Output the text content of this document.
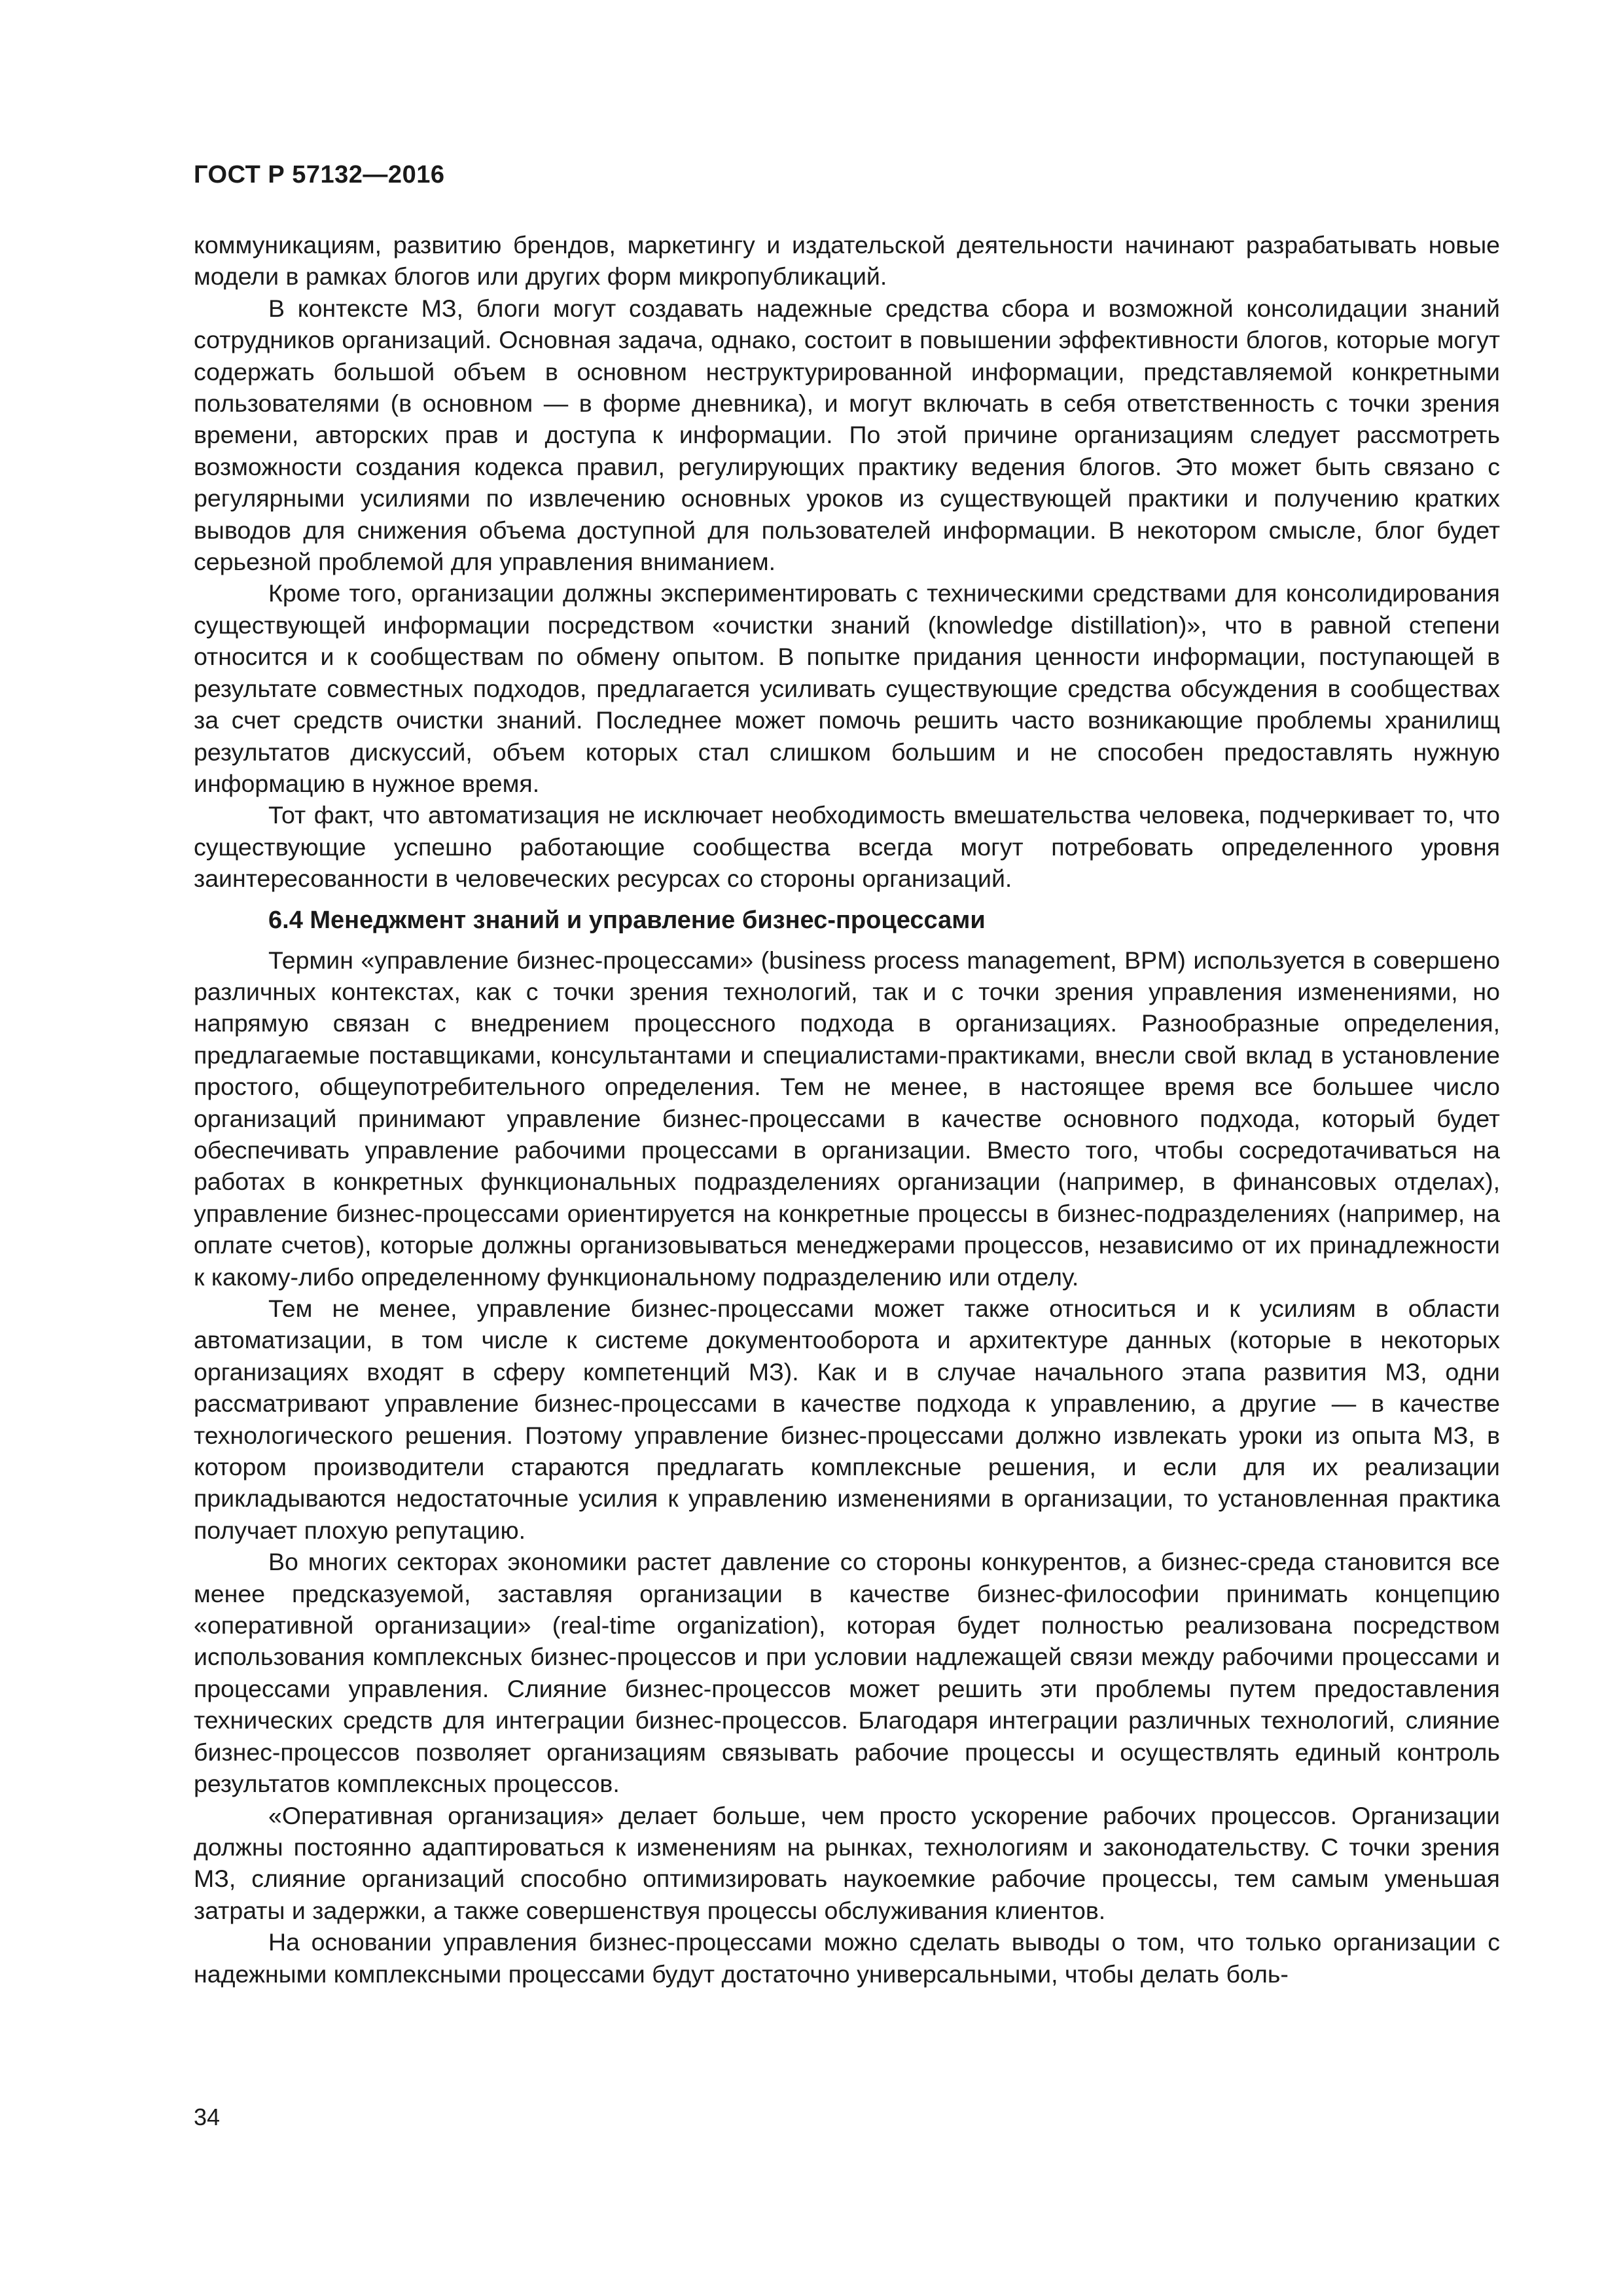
ГОСТ Р 57132—2016

коммуникациям, развитию брендов, маркетингу и издательской деятельности начинают разрабатывать новые модели в рамках блогов или других форм микропубликаций.

В контексте МЗ, блоги могут создавать надежные средства сбора и возможной консолидации знаний сотрудников организаций. Основная задача, однако, состоит в повышении эффективности блогов, которые могут содержать большой объем в основном неструктурированной информации, представляемой конкретными пользователями (в основном — в форме дневника), и могут включать в себя ответственность с точки зрения времени, авторских прав и доступа к информации. По этой причине организациям следует рассмотреть возможности создания кодекса правил, регулирующих практику ведения блогов. Это может быть связано с регулярными усилиями по извлечению основных уроков из существующей практики и получению кратких выводов для снижения объема доступной для пользователей информации. В некотором смысле, блог будет серьезной проблемой для управления вниманием.

Кроме того, организации должны экспериментировать с техническими средствами для консолидирования существующей информации посредством «очистки знаний (knowledge distillation)», что в равной степени относится и к сообществам по обмену опытом. В попытке придания ценности информации, поступающей в результате совместных подходов, предлагается усиливать существующие средства обсуждения в сообществах за счет средств очистки знаний. Последнее может помочь решить часто возникающие проблемы хранилищ результатов дискуссий, объем которых стал слишком большим и не способен предоставлять нужную информацию в нужное время.

Тот факт, что автоматизация не исключает необходимость вмешательства человека, подчеркивает то, что существующие успешно работающие сообщества всегда могут потребовать определенного уровня заинтересованности в человеческих ресурсах со стороны организаций.

6.4 Менеджмент знаний и управление бизнес-процессами

Термин «управление бизнес-процессами» (business process management, BPM) используется в совершено различных контекстах, как с точки зрения технологий, так и с точки зрения управления изменениями, но напрямую связан с внедрением процессного подхода в организациях. Разнообразные определения, предлагаемые поставщиками, консультантами и специалистами-практиками, внесли свой вклад в установление простого, общеупотребительного определения. Тем не менее, в настоящее время все большее число организаций принимают управление бизнес-процессами в качестве основного подхода, который будет обеспечивать управление рабочими процессами в организации. Вместо того, чтобы сосредотачиваться на работах в конкретных функциональных подразделениях организации (например, в финансовых отделах), управление бизнес-процессами ориентируется на конкретные процессы в бизнес-подразделениях (например, на оплате счетов), которые должны организовываться менеджерами процессов, независимо от их принадлежности к какому-либо определенному функциональному подразделению или отделу.

Тем не менее, управление бизнес-процессами может также относиться и к усилиям в области автоматизации, в том числе к системе документооборота и архитектуре данных (которые в некоторых организациях входят в сферу компетенций МЗ). Как и в случае начального этапа развития МЗ, одни рассматривают управление бизнес-процессами в качестве подхода к управлению, а другие — в качестве технологического решения. Поэтому управление бизнес-процессами должно извлекать уроки из опыта МЗ, в котором производители стараются предлагать комплексные решения, и если для их реализации прикладываются недостаточные усилия к управлению изменениями в организации, то установленная практика получает плохую репутацию.

Во многих секторах экономики растет давление со стороны конкурентов, а бизнес-среда становится все менее предсказуемой, заставляя организации в качестве бизнес-философии принимать концепцию «оперативной организации» (real-time organization), которая будет полностью реализована посредством использования комплексных бизнес-процессов и при условии надлежащей связи между рабочими процессами и процессами управления. Слияние бизнес-процессов может решить эти проблемы путем предоставления технических средств для интеграции бизнес-процессов. Благодаря интеграции различных технологий, слияние бизнес-процессов позволяет организациям связывать рабочие процессы и осуществлять единый контроль результатов комплексных процессов.

«Оперативная организация» делает больше, чем просто ускорение рабочих процессов. Организации должны постоянно адаптироваться к изменениям на рынках, технологиям и законодательству. С точки зрения МЗ, слияние организаций способно оптимизировать наукоемкие рабочие процессы, тем самым уменьшая затраты и задержки, а также совершенствуя процессы обслуживания клиентов.

На основании управления бизнес-процессами можно сделать выводы о том, что только организации с надежными комплексными процессами будут достаточно универсальными, чтобы делать боль-

34
